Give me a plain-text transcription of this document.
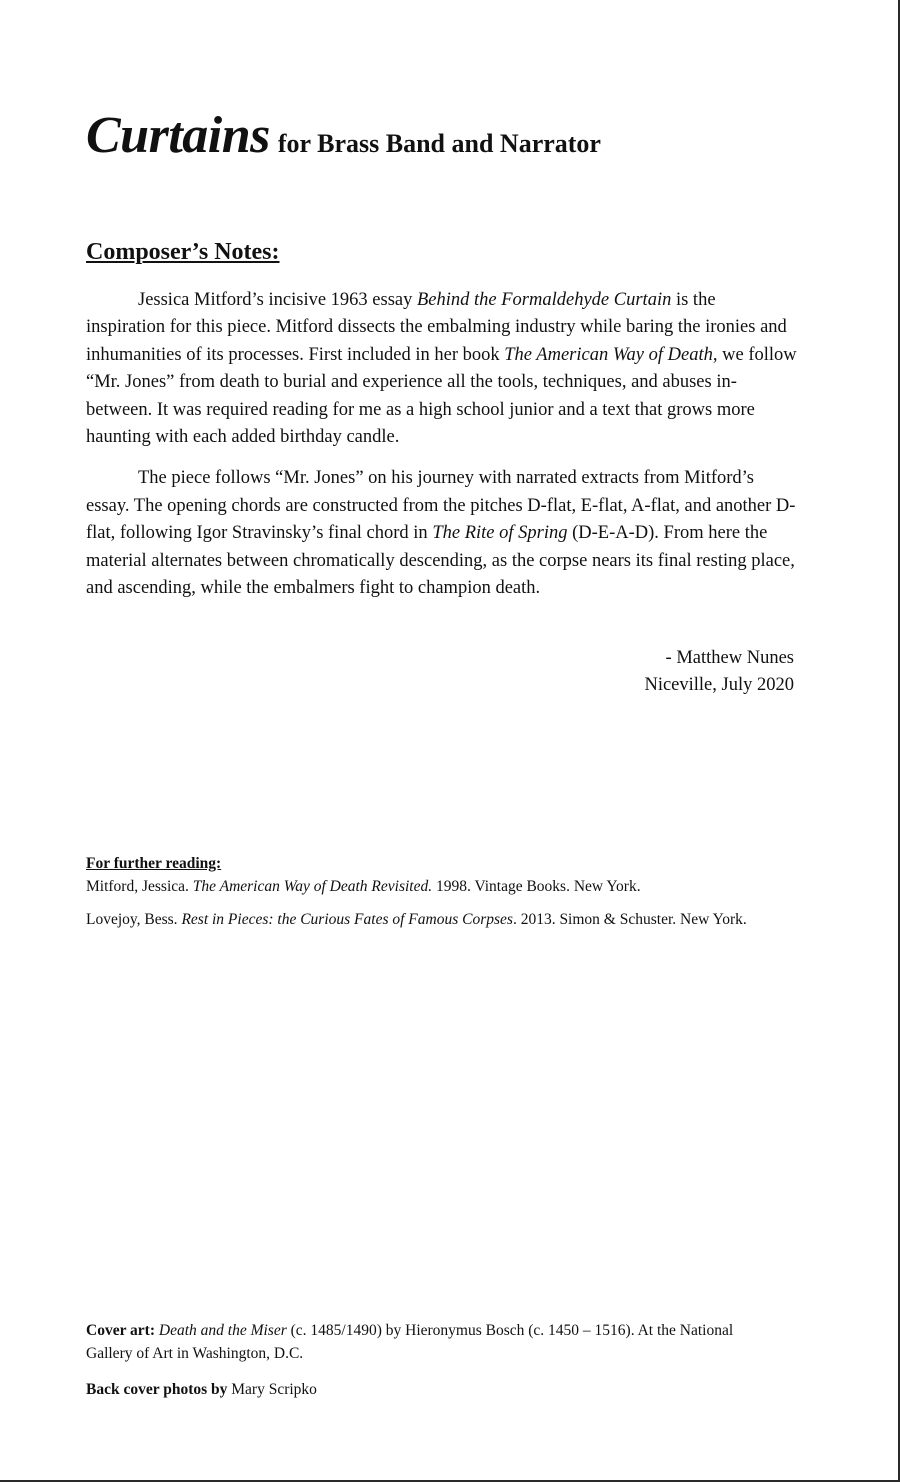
Curtains for Brass Band and Narrator
Composer’s Notes:

Jessica Mitford’s incisive 1963 essay Behind the Formaldehyde Curtain is the inspiration for this piece. Mitford dissects the embalming industry while baring the ironies and inhumanities of its processes. First included in her book The American Way of Death, we follow “Mr. Jones” from death to burial and experience all the tools, techniques, and abuses in-between. It was required reading for me as a high school junior and a text that grows more haunting with each added birthday candle.

The piece follows “Mr. Jones” on his journey with narrated extracts from Mitford’s essay. The opening chords are constructed from the pitches D-flat, E-flat, A-flat, and another D-flat, following Igor Stravinsky’s final chord in The Rite of Spring (D-E-A-D). From here the material alternates between chromatically descending, as the corpse nears its final resting place, and ascending, while the embalmers fight to champion death.

- Matthew Nunes
Niceville, July 2020
For further reading:

Mitford, Jessica. The American Way of Death Revisited. 1998. Vintage Books. New York.

Lovejoy, Bess. Rest in Pieces: the Curious Fates of Famous Corpses. 2013. Simon & Schuster. New York.

Cover art: Death and the Miser (c. 1485/1490) by Hieronymus Bosch (c. 1450 – 1516). At the National Gallery of Art in Washington, D.C.

Back cover photos by Mary Scripko
